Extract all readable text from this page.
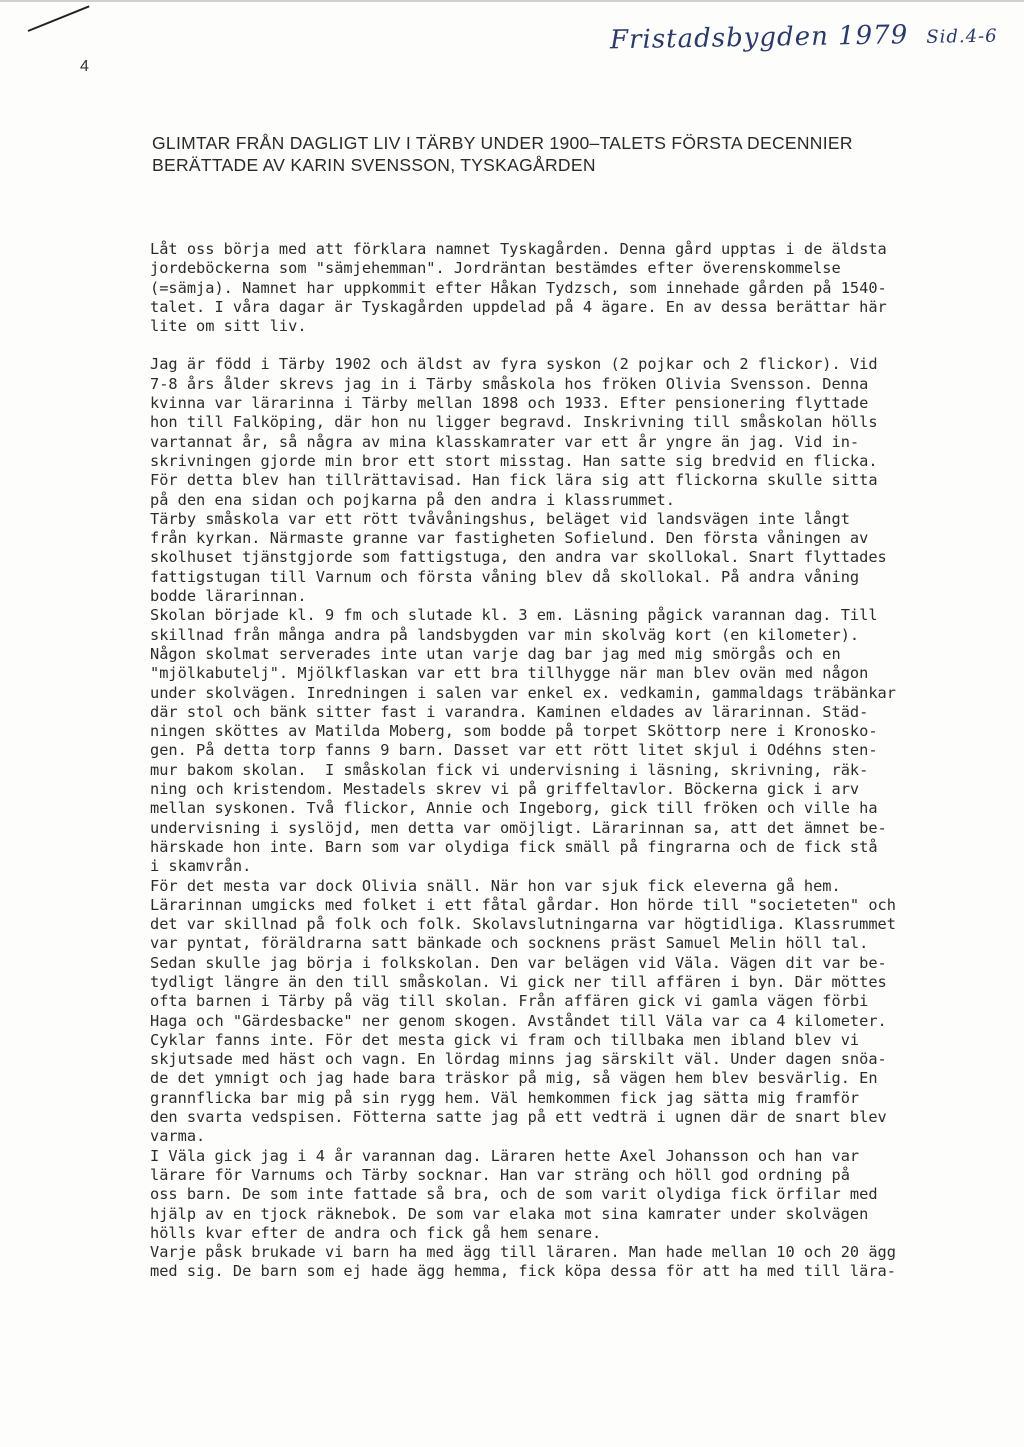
4
Fristadsbygden 1979 Sid.4-6
GLIMTAR FRÅN DAGLIGT LIV I TÄRBY UNDER 1900–TALETS FÖRSTA DECENNIER
BERÄTTADE AV KARIN SVENSSON, TYSKAGÅRDEN
Låt oss börja med att förklara namnet Tyskagården. Denna gård upptas i de äldsta
jordeböckerna som "sämjehemman". Jordräntan bestämdes efter överenskommelse
(=sämja). Namnet har uppkommit efter Håkan Tydzsch, som innehade gården på 1540-
talet. I våra dagar är Tyskagården uppdelad på 4 ägare. En av dessa berättar här
lite om sitt liv.
Jag är född i Tärby 1902 och äldst av fyra syskon (2 pojkar och 2 flickor). Vid
7-8 års ålder skrevs jag in i Tärby småskola hos fröken Olivia Svensson. Denna
kvinna var lärarinna i Tärby mellan 1898 och 1933. Efter pensionering flyttade
hon till Falköping, där hon nu ligger begravd. Inskrivning till småskolan hölls
vartannat år, så några av mina klasskamrater var ett år yngre än jag. Vid in-
skrivningen gjorde min bror ett stort misstag. Han satte sig bredvid en flicka.
För detta blev han tillrättavisad. Han fick lära sig att flickorna skulle sitta
på den ena sidan och pojkarna på den andra i klassrummet.
Tärby småskola var ett rött tvåvåningshus, beläget vid landsvägen inte långt
från kyrkan. Närmaste granne var fastigheten Sofielund. Den första våningen av
skolhuset tjänstgjorde som fattigstuga, den andra var skollokal. Snart flyttades
fattigstugan till Varnum och första våning blev då skollokal. På andra våning
bodde lärarinnan.
Skolan började kl. 9 fm och slutade kl. 3 em. Läsning pågick varannan dag. Till
skillnad från många andra på landsbygden var min skolväg kort (en kilometer).
Någon skolmat serverades inte utan varje dag bar jag med mig smörgås och en
"mjölkabutelj". Mjölkflaskan var ett bra tillhygge när man blev ovän med någon
under skolvägen. Inredningen i salen var enkel ex. vedkamin, gammaldags träbänkar
där stol och bänk sitter fast i varandra. Kaminen eldades av lärarinnan. Städ-
ningen sköttes av Matilda Moberg, som bodde på torpet Sköttorp nere i Kronosko-
gen. På detta torp fanns 9 barn. Dasset var ett rött litet skjul i Odéhns sten-
mur bakom skolan.  I småskolan fick vi undervisning i läsning, skrivning, räk-
ning och kristendom. Mestadels skrev vi på griffeltavlor. Böckerna gick i arv
mellan syskonen. Två flickor, Annie och Ingeborg, gick till fröken och ville ha
undervisning i syslöjd, men detta var omöjligt. Lärarinnan sa, att det ämnet be-
härskade hon inte. Barn som var olydiga fick smäll på fingrarna och de fick stå
i skamvrån.
För det mesta var dock Olivia snäll. När hon var sjuk fick eleverna gå hem.
Lärarinnan umgicks med folket i ett fåtal gårdar. Hon hörde till "societeten" och
det var skillnad på folk och folk. Skolavslutningarna var högtidliga. Klassrummet
var pyntat, föräldrarna satt bänkade och socknens präst Samuel Melin höll tal.
Sedan skulle jag börja i folkskolan. Den var belägen vid Väla. Vägen dit var be-
tydligt längre än den till småskolan. Vi gick ner till affären i byn. Där möttes
ofta barnen i Tärby på väg till skolan. Från affären gick vi gamla vägen förbi
Haga och "Gärdesbacke" ner genom skogen. Avståndet till Väla var ca 4 kilometer.
Cyklar fanns inte. För det mesta gick vi fram och tillbaka men ibland blev vi
skjutsade med häst och vagn. En lördag minns jag särskilt väl. Under dagen snöa-
de det ymnigt och jag hade bara träskor på mig, så vägen hem blev besvärlig. En
grannflicka bar mig på sin rygg hem. Väl hemkommen fick jag sätta mig framför
den svarta vedspisen. Fötterna satte jag på ett vedträ i ugnen där de snart blev
varma.
I Väla gick jag i 4 år varannan dag. Läraren hette Axel Johansson och han var
lärare för Varnums och Tärby socknar. Han var sträng och höll god ordning på
oss barn. De som inte fattade så bra, och de som varit olydiga fick örfilar med
hjälp av en tjock räknebok. De som var elaka mot sina kamrater under skolvägen
hölls kvar efter de andra och fick gå hem senare.
Varje påsk brukade vi barn ha med ägg till läraren. Man hade mellan 10 och 20 ägg
med sig. De barn som ej hade ägg hemma, fick köpa dessa för att ha med till lära-
